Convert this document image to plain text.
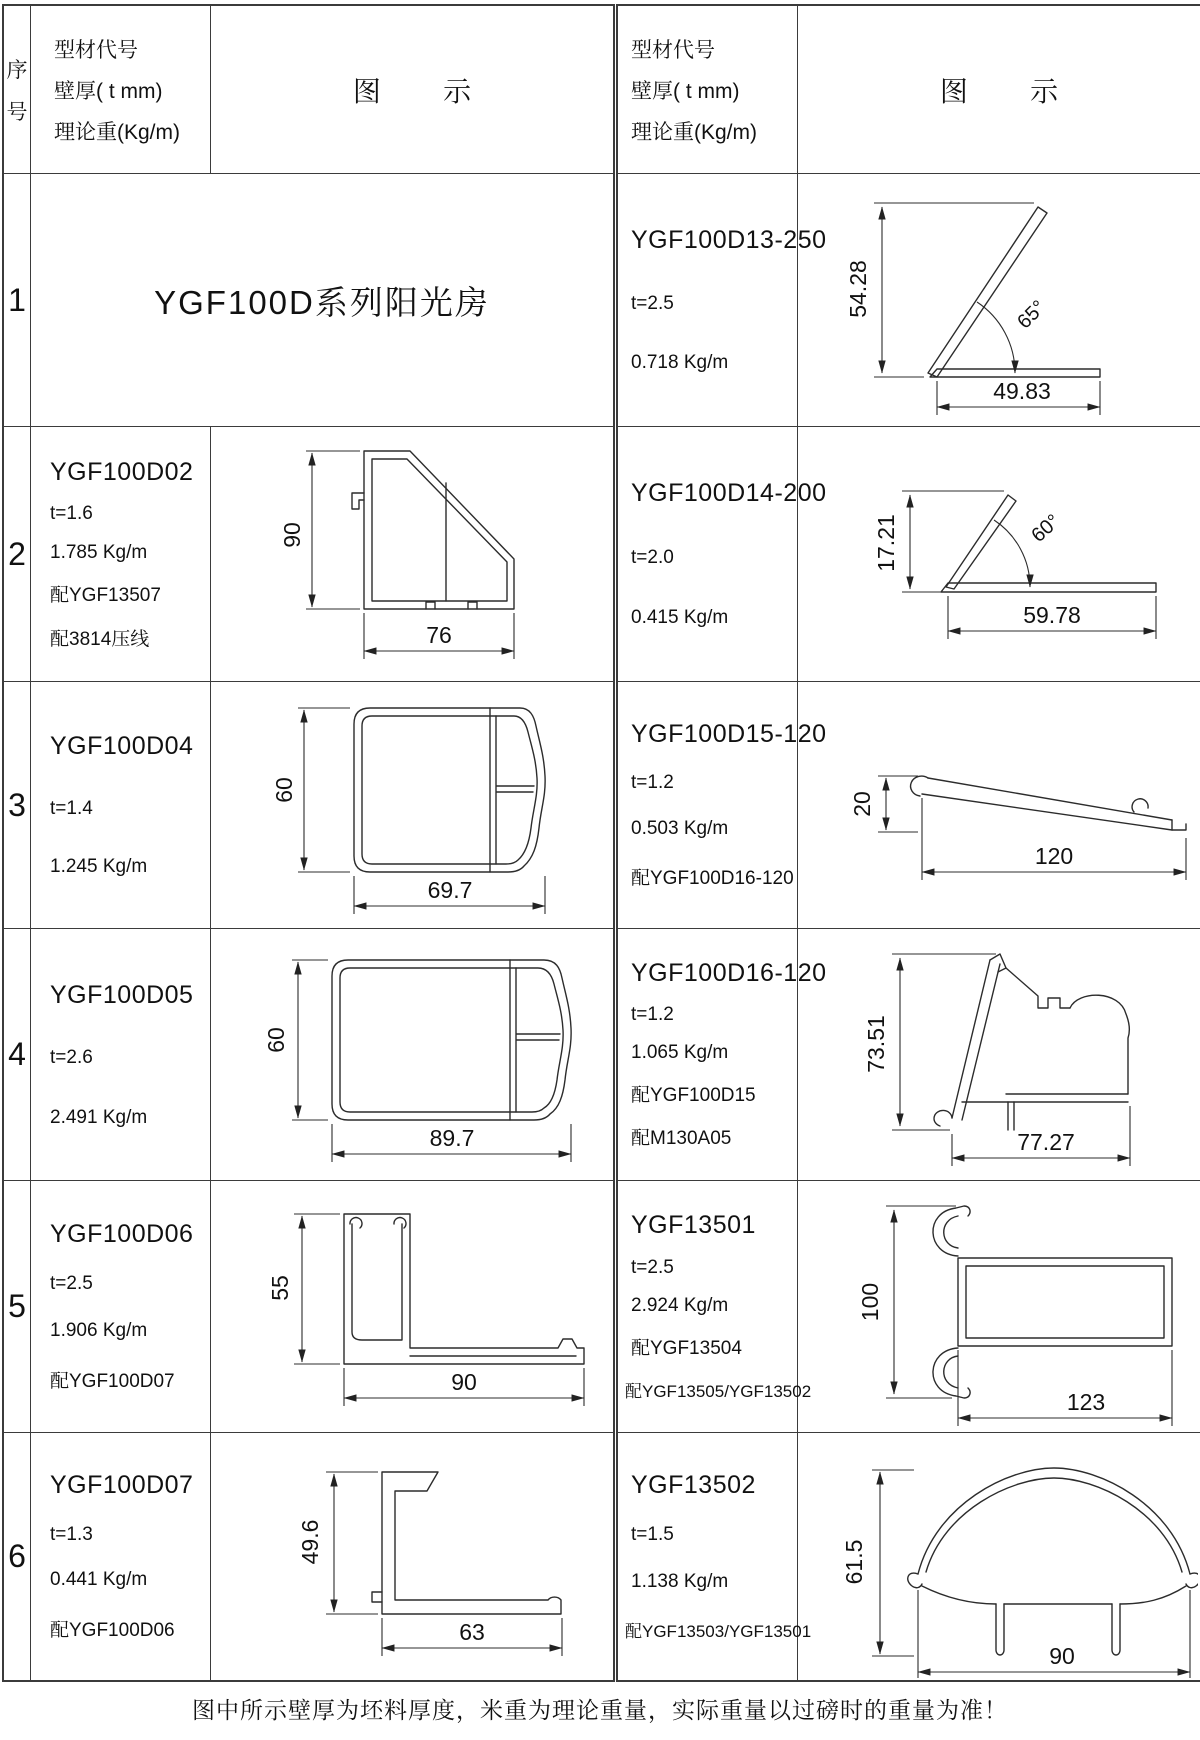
序
号
型材代号
壁厚( t mm)
理论重(Kg/m)
图        示
1	YGF100D系列阳光房
2
YGF100D02
t=1.6
1.785 Kg/m
配YGF13507
配3814压线
90
76
3
YGF100D04
t=1.4
1.245 Kg/m
60
69.7
4
YGF100D05
t=2.6
2.491 Kg/m
60
89.7
5
YGF100D06
t=2.5
1.906 Kg/m
配YGF100D07
55
90
6
YGF100D07
t=1.3
0.441 Kg/m
配YGF100D06
49.6
63
型材代号
壁厚( t mm)
理论重(Kg/m)
图        示
YGF100D13-250
t=2.5
0.718 Kg/m
65°
54.28
49.83
YGF100D14-200
t=2.0
0.415 Kg/m
60°
17.21
59.78
YGF100D15-120
t=1.2
0.503 Kg/m
配YGF100D16-120
20
120
YGF100D16-120
t=1.2
1.065 Kg/m
配YGF100D15
配M130A05
73.51
77.27
YGF13501
t=2.5
2.924 Kg/m
配YGF13504
配YGF13505/YGF13502
100
123
YGF13502
t=1.5
1.138 Kg/m
配YGF13503/YGF13501
61.5
90
图中所示壁厚为坯料厚度，米重为理论重量，实际重量以过磅时的重量为准！
